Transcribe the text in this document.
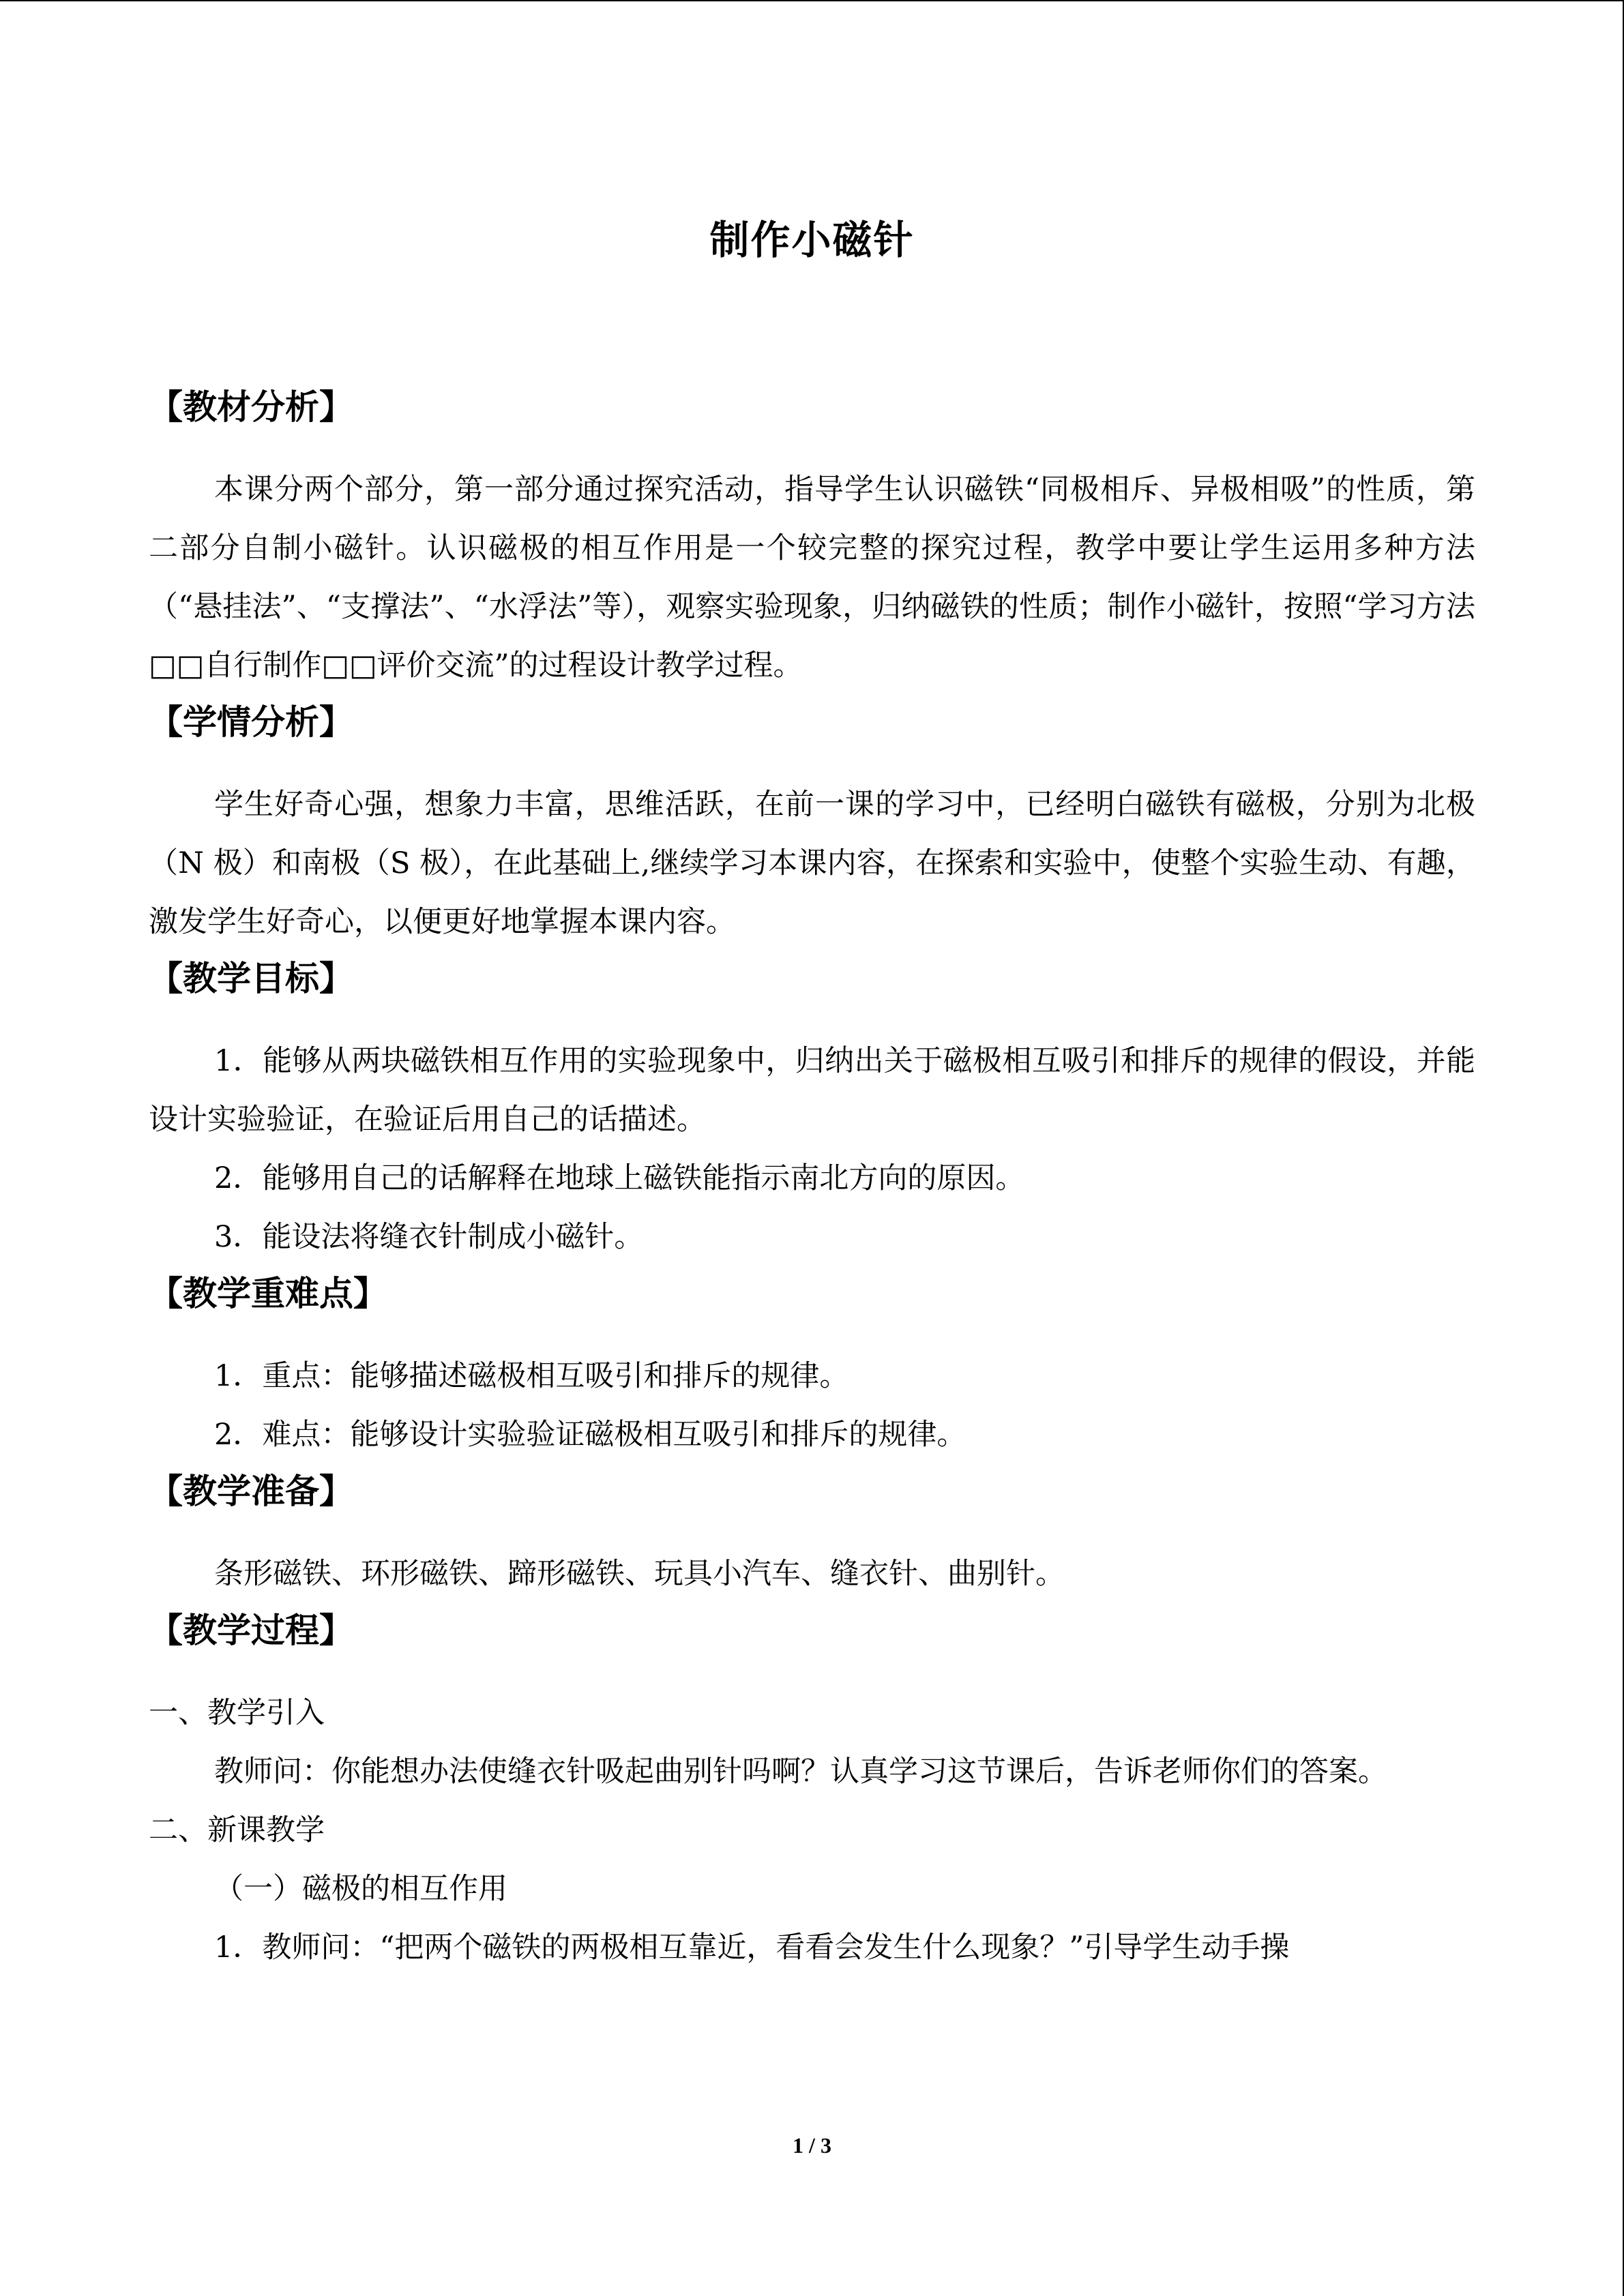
制作小磁针
【教材分析】

本课分两个部分，第一部分通过探究活动，指导学生认识磁铁“同极相斥、异极相吸”的性质，第二部分自制小磁针。认识磁极的相互作用是一个较完整的探究过程，教学中要让学生运用多种方法（“悬挂法”、“支撑法”、“水浮法”等），观察实验现象，归纳磁铁的性质；制作小磁针，按照“学习方法□□自行制作□□评价交流”的过程设计教学过程。

【学情分析】

学生好奇心强，想象力丰富，思维活跃，在前一课的学习中，已经明白磁铁有磁极，分别为北极（N 极）和南极（S 极），在此基础上,继续学习本课内容，在探索和实验中，使整个实验生动、有趣，激发学生好奇心，以便更好地掌握本课内容。

【教学目标】

1．能够从两块磁铁相互作用的实验现象中，归纳出关于磁极相互吸引和排斥的规律的假设，并能设计实验验证，在验证后用自己的话描述。

2．能够用自己的话解释在地球上磁铁能指示南北方向的原因。

3．能设法将缝衣针制成小磁针。

【教学重难点】

1．重点：能够描述磁极相互吸引和排斥的规律。

2．难点：能够设计实验验证磁极相互吸引和排斥的规律。

【教学准备】

条形磁铁、环形磁铁、蹄形磁铁、玩具小汽车、缝衣针、曲别针。

【教学过程】

一、教学引入

教师问：你能想办法使缝衣针吸起曲别针吗啊？认真学习这节课后，告诉老师你们的答案。

二、新课教学

（一）磁极的相互作用

1．教师问：“把两个磁铁的两极相互靠近，看看会发生什么现象？”引导学生动手操

1 / 3
